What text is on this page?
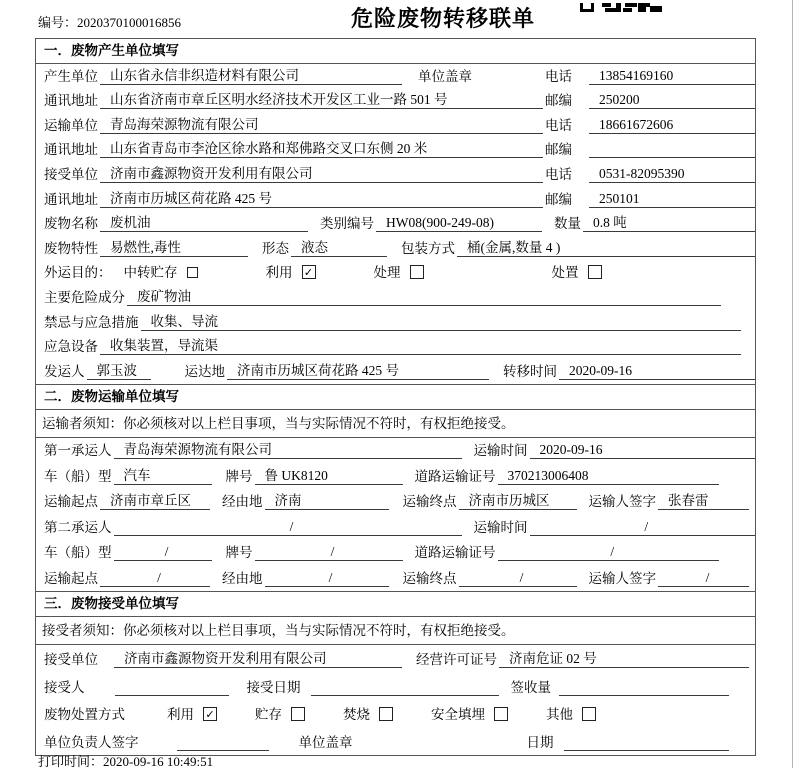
编号：2020370100016856	危险废物转移联单
一．废物产生单位填写
产生单位 山东省永信非织造材料有限公司	单位盖章	电话	13854169160
通讯地址 山东省济南市章丘区明水经济技术开发区工业一路 501 号	邮编	250200
运输单位 青岛海荣源物流有限公司	电话	18661672606
通讯地址 山东省青岛市李沧区徐水路和郑佛路交叉口东侧 20 米	邮编
接受单位 济南市鑫源物资开发利用有限公司	电话	0531-82095390
通讯地址 济南市历城区荷花路 425 号	邮编	250101
废物名称 废机油	类别编号 HW08(900-249-08)	数量 0.8 吨
废物特性 易燃性,毒性	形态 液态	包装方式 桶(金属,数量 4 )
外运目的： 中转贮存	利用 ✓	处理	处置
主要危险成分 废矿物油
禁忌与应急措施 收集、导流
应急设备 收集装置，导流渠
发运人 郭玉波	运达地 济南市历城区荷花路 425 号	转移时间 2020-09-16
二．废物运输单位填写
运输者须知：你必须核对以上栏目事项，当与实际情况不符时，有权拒绝接受。
第一承运人 青岛海荣源物流有限公司	运输时间 2020-09-16
车（船）型 汽车	牌号 鲁 UK8120	道路运输证号 370213006408
运输起点 济南市章丘区	经由地 济南	运输终点 济南市历城区	运输人签字 张春雷
第二承运人	/	运输时间	/
车（船）型	/	牌号	/	道路运输证号	/
运输起点	/	经由地	/	运输终点	/	运输人签字	/
三．废物接受单位填写
接受者须知：你必须核对以上栏目事项，当与实际情况不符时，有权拒绝接受。
接受单位	济南市鑫源物资开发利用有限公司	经营许可证号 济南危证 02 号
接受人	接受日期	签收量
废物处置方式	利用 ✓	贮存	焚烧	安全填埋	其他
单位负责人签字	单位盖章	日期
打印时间：2020-09-16 10:49:51
